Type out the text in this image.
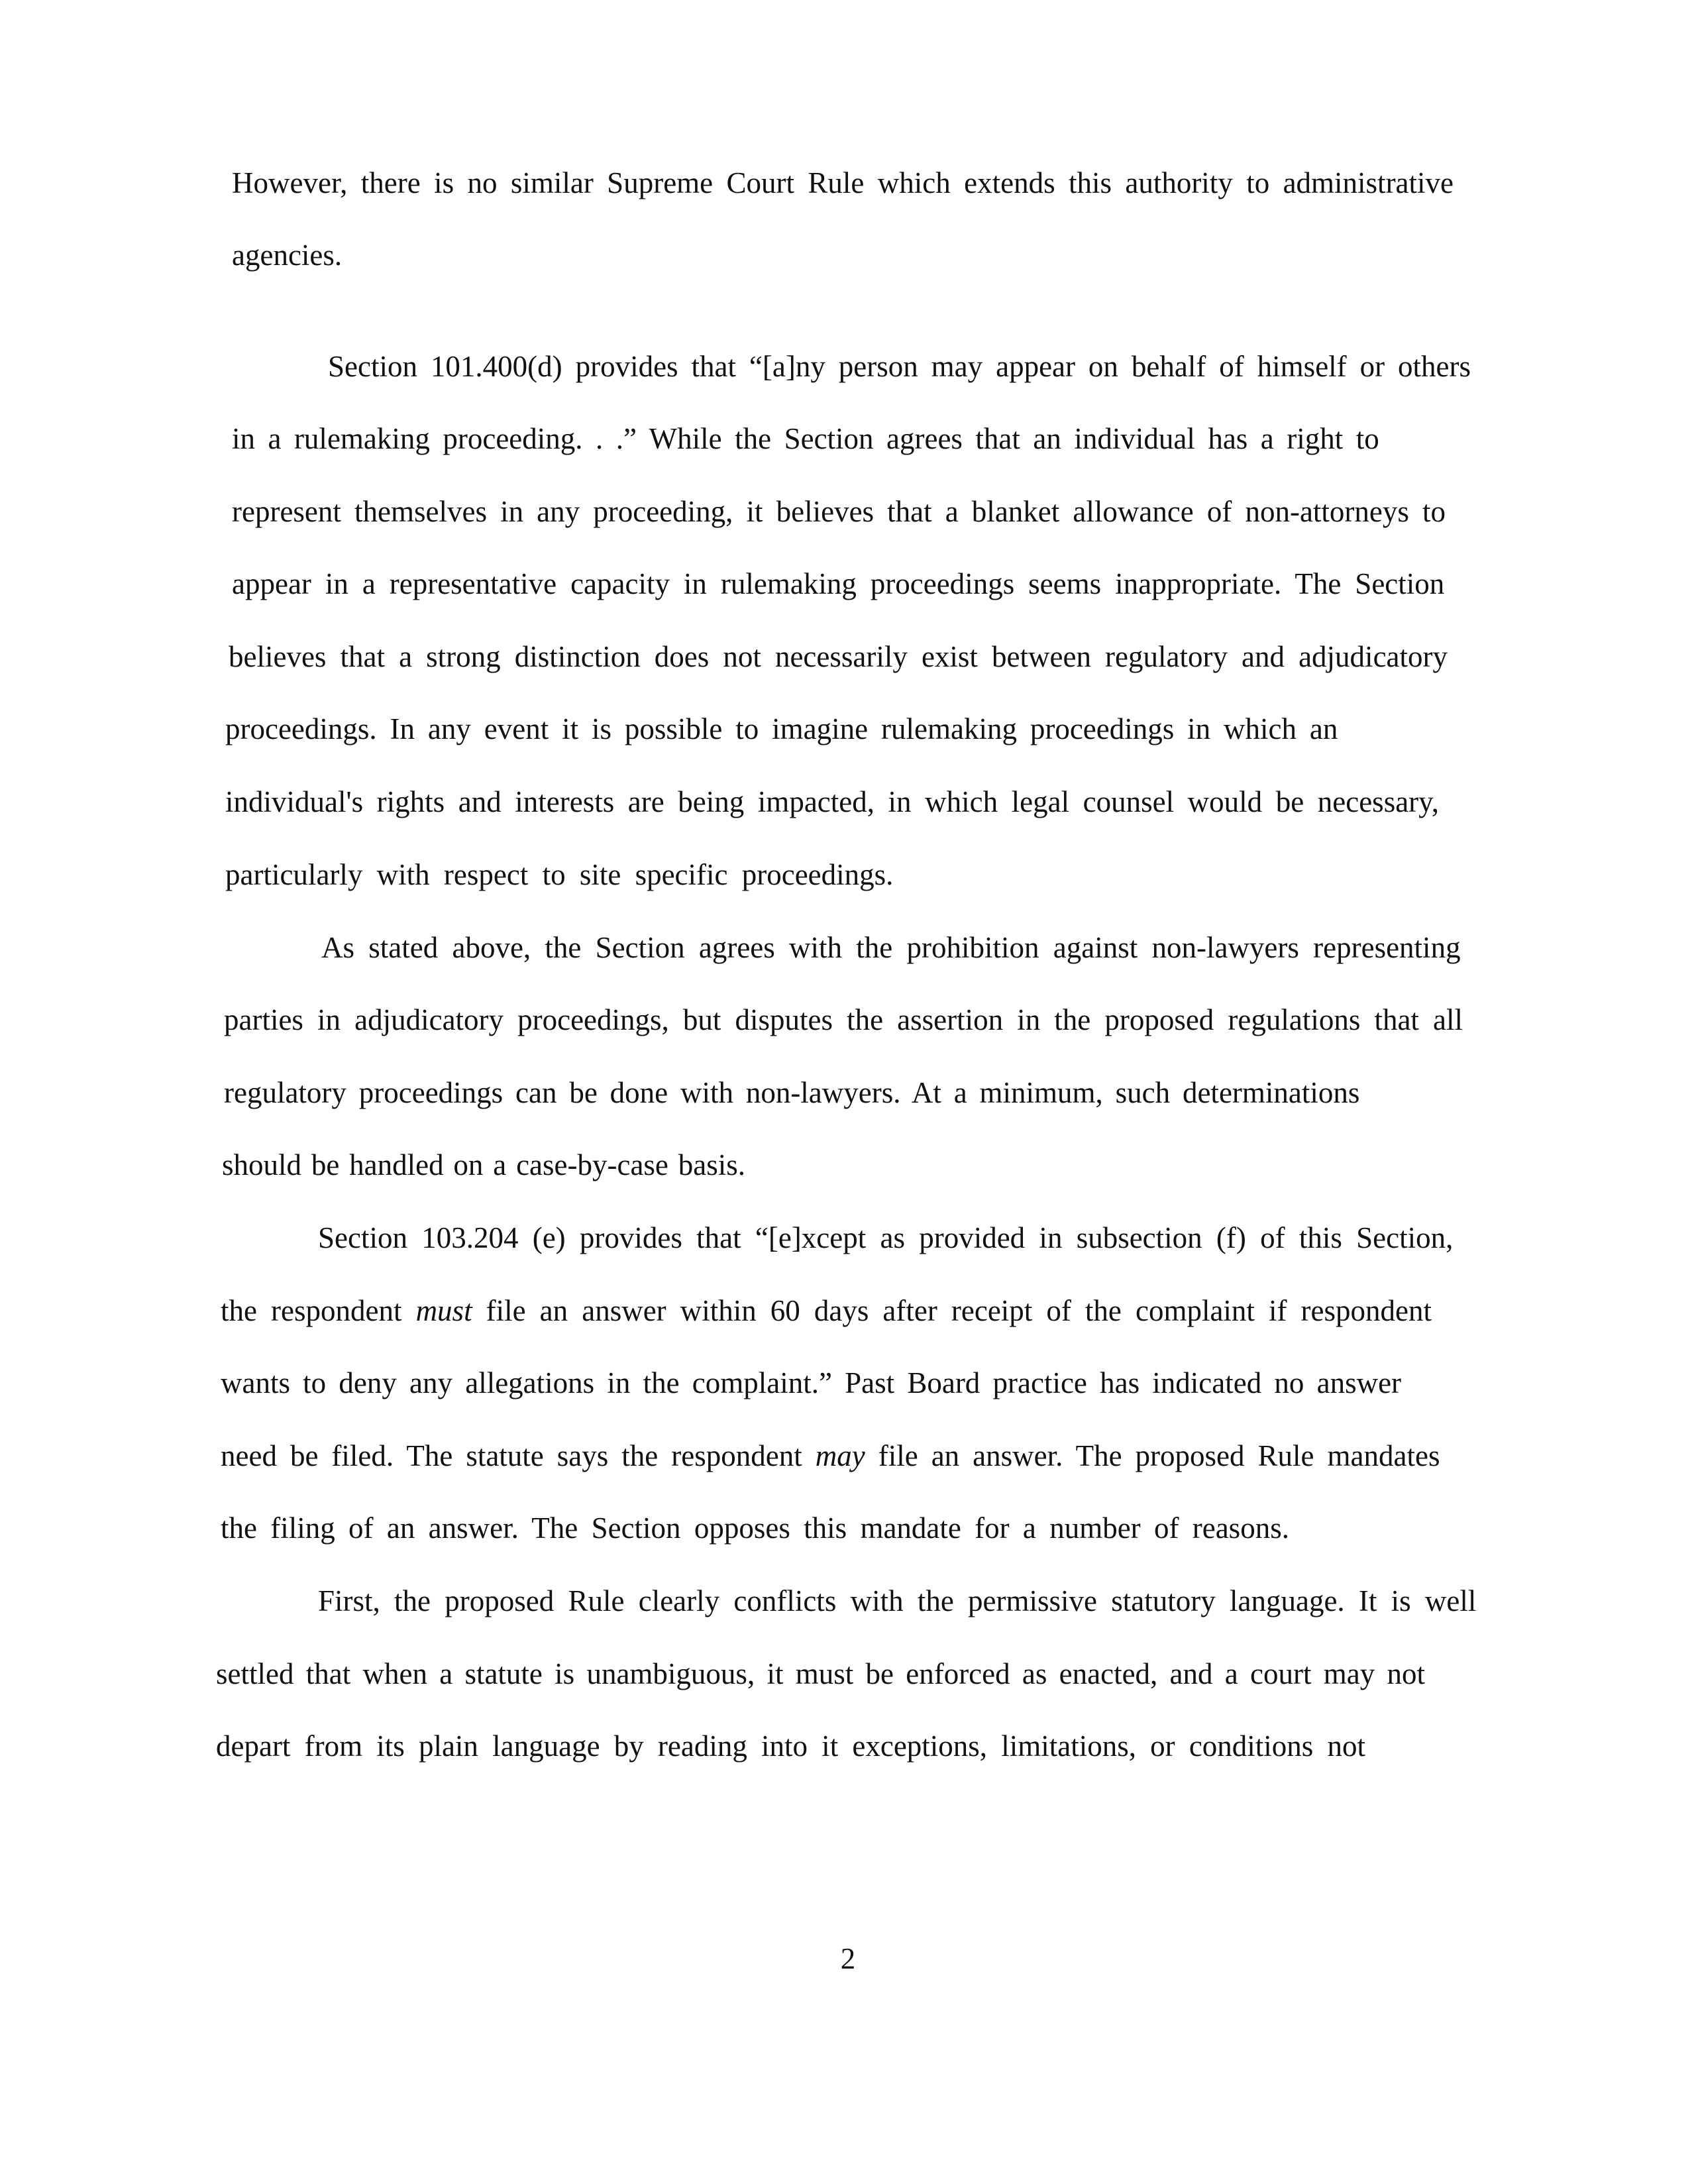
However, there is no similar Supreme Court Rule which extends this authority to administrative
agencies.
Section 101.400(d) provides that “[a]ny person may appear on behalf of himself or others
in a rulemaking proceeding. . .” While the Section agrees that an individual has a right to
represent themselves in any proceeding, it believes that a blanket allowance of non-attorneys to
appear in a representative capacity in rulemaking proceedings seems inappropriate. The Section
believes that a strong distinction does not necessarily exist between regulatory and adjudicatory
proceedings. In any event it is possible to imagine rulemaking proceedings in which an
individual's rights and interests are being impacted, in which legal counsel would be necessary,
particularly with respect to site specific proceedings.
As stated above, the Section agrees with the prohibition against non-lawyers representing
parties in adjudicatory proceedings, but disputes the assertion in the proposed regulations that all
regulatory proceedings can be done with non-lawyers. At a minimum, such determinations
should be handled on a case-by-case basis.
Section 103.204 (e) provides that “[e]xcept as provided in subsection (f) of this Section,
the respondent must file an answer within 60 days after receipt of the complaint if respondent
wants to deny any allegations in the complaint.” Past Board practice has indicated no answer
need be filed. The statute says the respondent may file an answer. The proposed Rule mandates
the filing of an answer. The Section opposes this mandate for a number of reasons.
First, the proposed Rule clearly conflicts with the permissive statutory language. It is well
settled that when a statute is unambiguous, it must be enforced as enacted, and a court may not
depart from its plain language by reading into it exceptions, limitations, or conditions not
2
